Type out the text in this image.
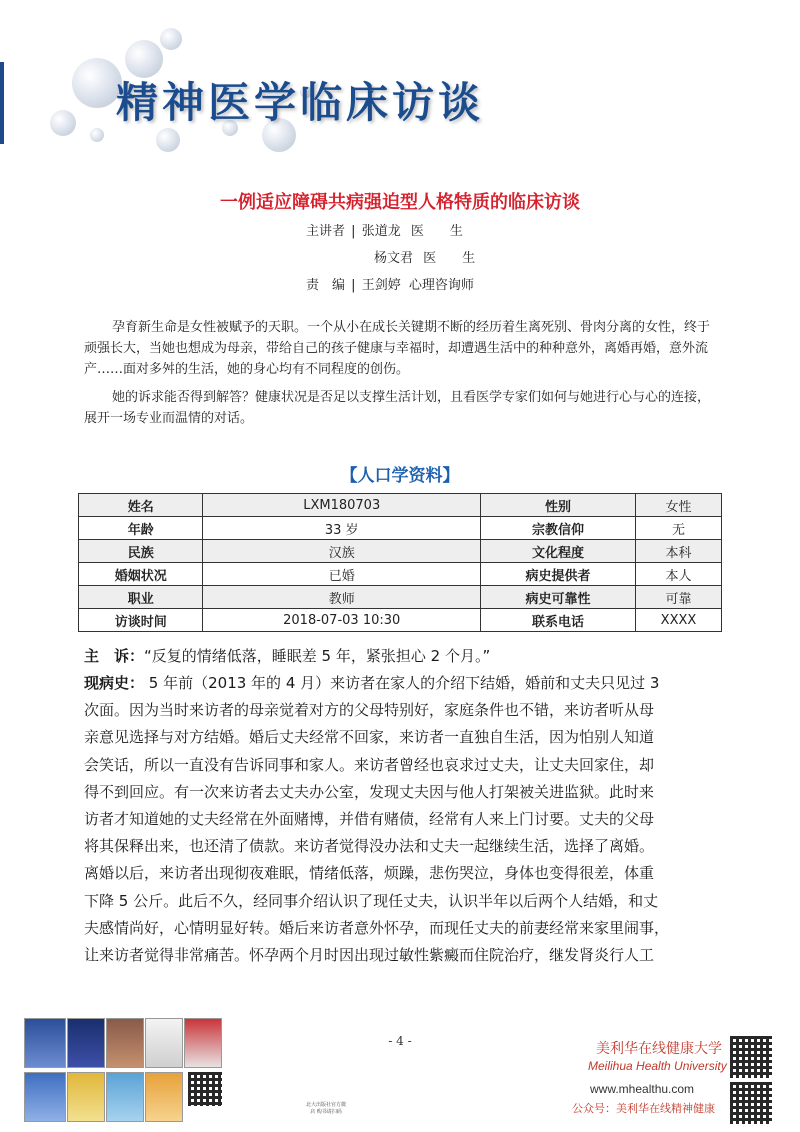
精神医学临床访谈
一例适应障碍共病强迫型人格特质的临床访谈
主讲者 | 张道龙 医　　生
杨文君 医　　生
责　编 | 王剑婷 心理咨询师
孕育新生命是女性被赋予的天职。一个从小在成长关键期不断的经历着生离死别、骨肉分离的女性，终于顽强长大，当她也想成为母亲，带给自己的孩子健康与幸福时，却遭遇生活中的种种意外，离婚再婚，意外流产……面对多舛的生活，她的身心均有不同程度的创伤。
她的诉求能否得到解答？健康状况是否足以支撑生活计划，且看医学专家们如何与她进行心与心的连接，展开一场专业而温情的对话。
【人口学资料】
姓名	LXM180703	性别	女性
年龄	33 岁	宗教信仰	无
民族	汉族	文化程度	本科
婚姻状况	已婚	病史提供者	本人
职业	教师	病史可靠性	可靠
访谈时间	2018-07-03 10:30	联系电话	XXXX
主　诉：“反复的情绪低落，睡眠差 5 年，紧张担心 2 个月。”
现病史： 5 年前（2013 年的 4 月）来访者在家人的介绍下结婚，婚前和丈夫只见过 3
次面。因为当时来访者的母亲觉着对方的父母特别好，家庭条件也不错，来访者听从母
亲意见选择与对方结婚。婚后丈夫经常不回家，来访者一直独自生活，因为怕别人知道
会笑话，所以一直没有告诉同事和家人。来访者曾经也哀求过丈夫，让丈夫回家住，却
得不到回应。有一次来访者去丈夫办公室，发现丈夫因与他人打架被关进监狱。此时来
访者才知道她的丈夫经常在外面赌博，并借有赌债，经常有人来上门讨要。丈夫的父母
将其保释出来，也还清了债款。来访者觉得没办法和丈夫一起继续生活，选择了离婚。
离婚以后，来访者出现彻夜难眠，情绪低落，烦躁，悲伤哭泣，身体也变得很差，体重
下降 5 公斤。此后不久，经同事介绍认识了现任丈夫，认识半年以后两个人结婚，和丈
夫感情尚好，心情明显好转。婚后来访者意外怀孕，而现任丈夫的前妻经常来家里闹事，
让来访者觉得非常痛苦。怀孕两个月时因出现过敏性紫癜而住院治疗，继发肾炎行人工
北大出版社官方微店 购书请扫码
- 4 -	美利华在线健康大学
Meilihua Health University
www.mhealthu.com
公众号：美利华在线精神健康
